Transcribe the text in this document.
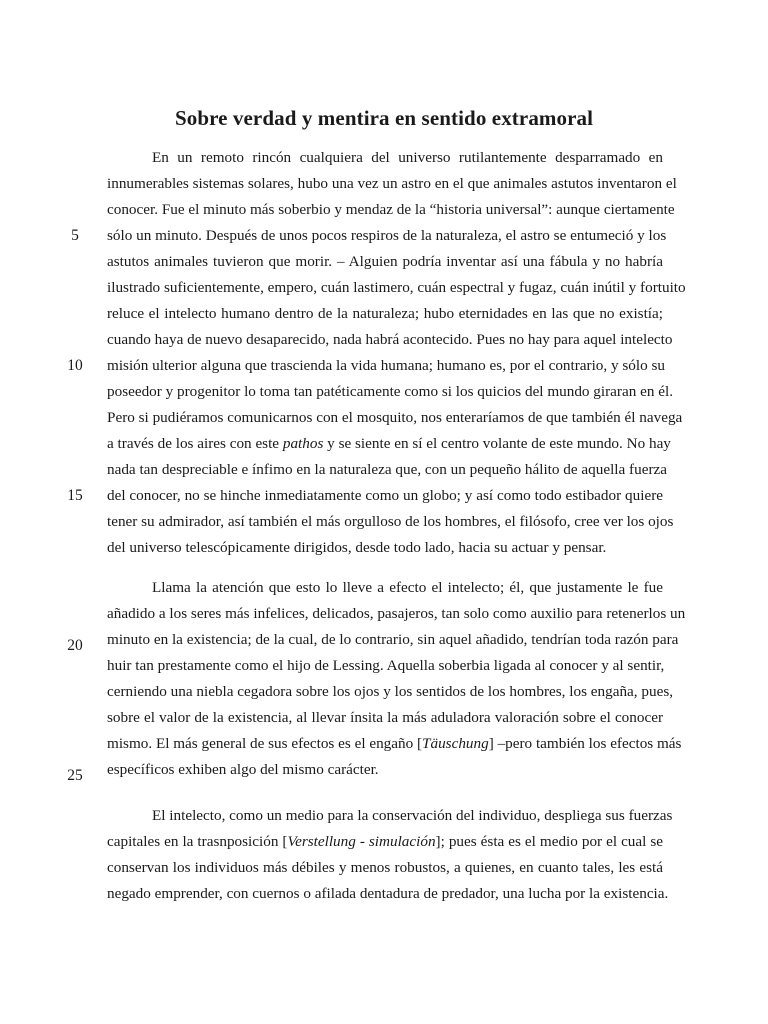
Sobre verdad y mentira en sentido extramoral
En un remoto rincón cualquiera del universo rutilantemente desparramado en
innumerables sistemas solares, hubo una vez un astro en el que animales astutos inventaron el
conocer. Fue el minuto más soberbio y mendaz de la “historia universal”: aunque ciertamente
sólo un minuto. Después de unos pocos respiros de la naturaleza, el astro se entumeció y los
astutos animales tuvieron que morir. – Alguien podría inventar así una fábula y no habría
ilustrado suficientemente, empero, cuán lastimero, cuán espectral y fugaz, cuán inútil y fortuito
reluce el intelecto humano dentro de la naturaleza; hubo eternidades en las que no existía;
cuando haya de nuevo desaparecido, nada habrá acontecido. Pues no hay para aquel intelecto
misión ulterior alguna que trascienda la vida humana; humano es, por el contrario, y sólo su
poseedor y progenitor lo toma tan patéticamente como si los quicios del mundo giraran en él.
Pero si pudiéramos comunicarnos con el mosquito, nos enteraríamos de que también él navega
a través de los aires con este pathos y se siente en sí el centro volante de este mundo. No hay
nada tan despreciable e ínfimo en la naturaleza que, con un pequeño hálito de aquella fuerza
del conocer, no se hinche inmediatamente como un globo; y así como todo estibador quiere
tener su admirador, así también el más orgulloso de los hombres, el filósofo, cree ver los ojos
del universo telescópicamente dirigidos, desde todo lado, hacia su actuar y pensar.
Llama la atención que esto lo lleve a efecto el intelecto; él, que justamente le fue
añadido a los seres más infelices, delicados, pasajeros, tan solo como auxilio para retenerlos un
minuto en la existencia; de la cual, de lo contrario, sin aquel añadido, tendrían toda razón para
huir tan prestamente como el hijo de Lessing. Aquella soberbia ligada al conocer y al sentir,
cerniendo una niebla cegadora sobre los ojos y los sentidos de los hombres, los engaña, pues,
sobre el valor de la existencia, al llevar ínsita la más aduladora valoración sobre el conocer
mismo. El más general de sus efectos es el engaño [Täuschung] –pero también los efectos más
específicos exhiben algo del mismo carácter.
El intelecto, como un medio para la conservación del individuo, despliega sus fuerzas
capitales en la trasnposición [Verstellung - simulación]; pues ésta es el medio por el cual se
conservan los individuos más débiles y menos robustos, a quienes, en cuanto tales, les está
negado emprender, con cuernos o afilada dentadura de predador, una lucha por la existencia.
5
10
15
20
25
